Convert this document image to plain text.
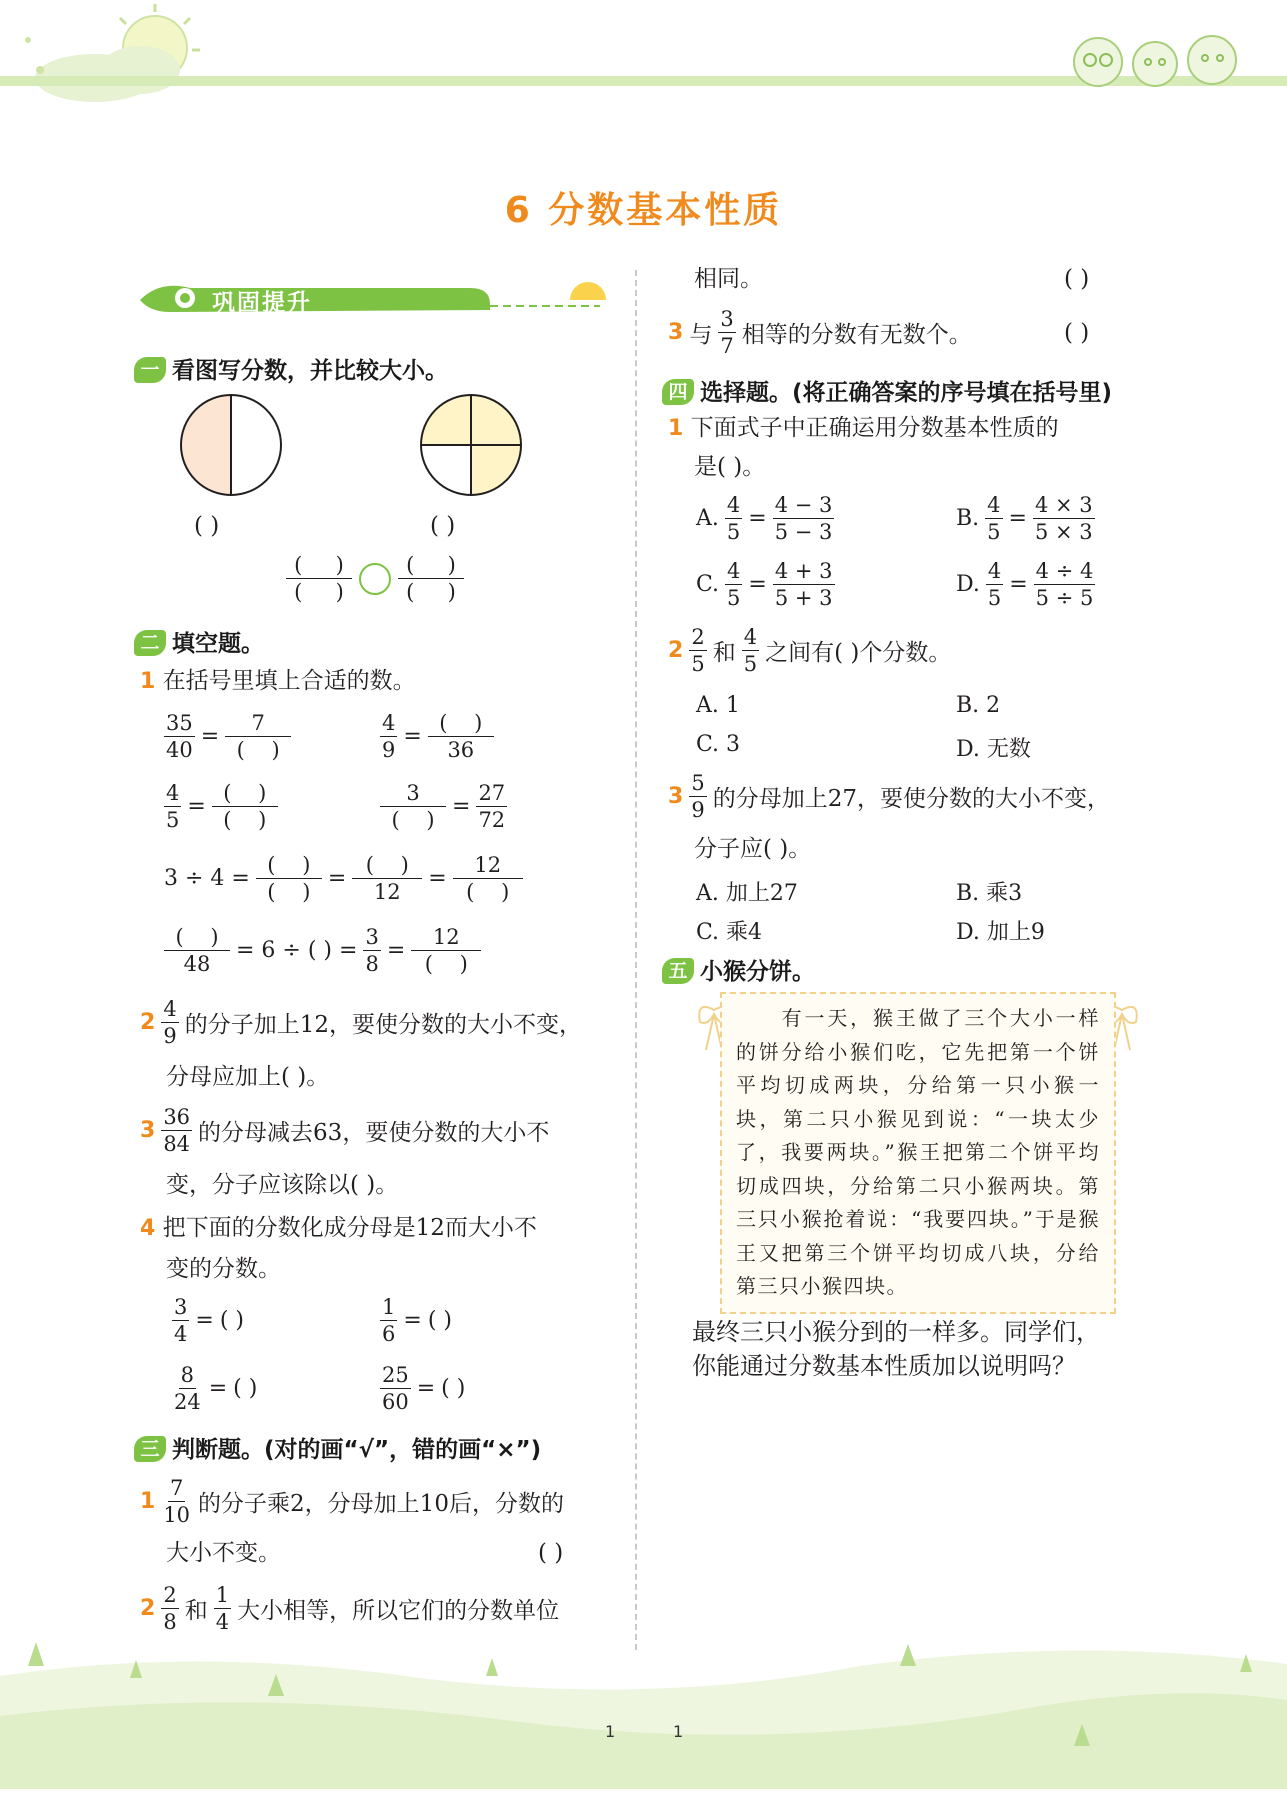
6 分数基本性质
巩固提升
一 看图写分数，并比较大小。
( )	( )
$\frac{( )}{( )} \frac{( )}{( )}$
二 填空题。
1 在括号里填上合适的数。
$\frac{35}{40} = \frac{7}{( )}$	$\frac{4}{9} = \frac{( )}{36}$
$\frac{4}{5} = \frac{( )}{( )}$	$\frac{3}{( )} = \frac{27}{72}$
$3 \div 4 = \frac{( )}{( )} = \frac{( )}{12} = \frac{12}{( )}$
$\frac{( )}{48} = 6$ ÷ ( ) = $\frac{3}{8} = \frac{12}{( )}$
$2 \frac{4}{9}$ 的分子加上12，要使分数的大小不变，
分母应加上( )。
$3 \frac{36}{84}$ 的分母减去63，要使分数的大小不
变，分子应该除以( )。
4 把下面的分数化成分母是12而大小不
变的分数。
$\frac{3}{4}$ = ( )	$\frac{1}{6}$ = ( )
$\frac{8}{24}$ = ( )	$\frac{25}{60}$ = ( )
三 判断题。(对的画“√”，错的画“×”)
$1 \frac{7}{10}$ 的分子乘2，分母加上10后，分数的
大小不变。	( )
$2 \frac{2}{8}$ 和 $\frac{1}{4}$ 大小相等，所以它们的分数单位
相同。	( )
3 与 $\frac{3}{7}$ 相等的分数有无数个。	( )
四 选择题。(将正确答案的序号填在括号里)
1 下面式子中正确运用分数基本性质的
是( )。
A. $\frac{4}{5} = \frac{4 - 3}{5 - 3}$	B. $\frac{4}{5} = \frac{4 \times 3}{5 \times 3}$
C. $\frac{4}{5} = \frac{4 + 3}{5 + 3}$	D. $\frac{4}{5} = \frac{4 \div 4}{5 \div 5}$
$2 \frac{2}{5}$ 和 $\frac{4}{5}$ 之间有( )个分数。
A. 1	B. 2
C. 3	D. 无数
$3 \frac{5}{9}$ 的分母加上27，要使分数的大小不变，
分子应( )。
A. 加上27	B. 乘3
C. 乘4	D. 加上9
五 小猴分饼。
　　有一天，猴王做了三个大小一样的饼分给小猴们吃，它先把第一个饼平均切成两块，分给第一只小猴一块，第二只小猴见到说：“一块太少了，我要两块。”猴王把第二个饼平均切成四块，分给第二只小猴两块。第三只小猴抢着说：“我要四块。”于是猴王又把第三个饼平均切成八块，分给第三只小猴四块。
最终三只小猴分到的一样多。同学们，
你能通过分数基本性质加以说明吗？
1	1
